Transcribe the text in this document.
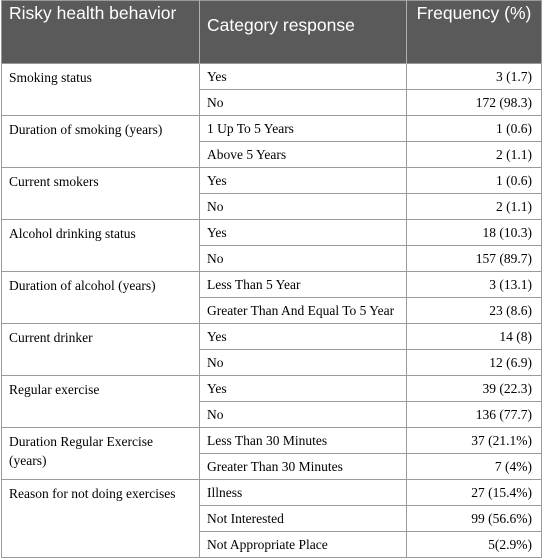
Risky health behavior	Category response	Frequency (%)
Smoking status	Yes	3 (1.7)
	No	172 (98.3)
Duration of smoking (years)	1 Up To 5 Years	1 (0.6)
	Above 5 Years	2 (1.1)
Current smokers	Yes	1 (0.6)
	No	2 (1.1)
Alcohol drinking status	Yes	18 (10.3)
	No	157 (89.7)
Duration of alcohol (years)	Less Than 5 Year	3 (13.1)
	Greater Than And Equal To 5 Year	23 (8.6)
Current drinker	Yes	14 (8)
	No	12 (6.9)
Regular exercise	Yes	39 (22.3)
	No	136 (77.7)
Duration Regular Exercise (years)	Less Than 30 Minutes	37 (21.1%)
	Greater Than 30 Minutes	7 (4%)
Reason for not doing exercises	Illness	27 (15.4%)
	Not Interested	99 (56.6%)
	Not Appropriate Place	5(2.9%)
